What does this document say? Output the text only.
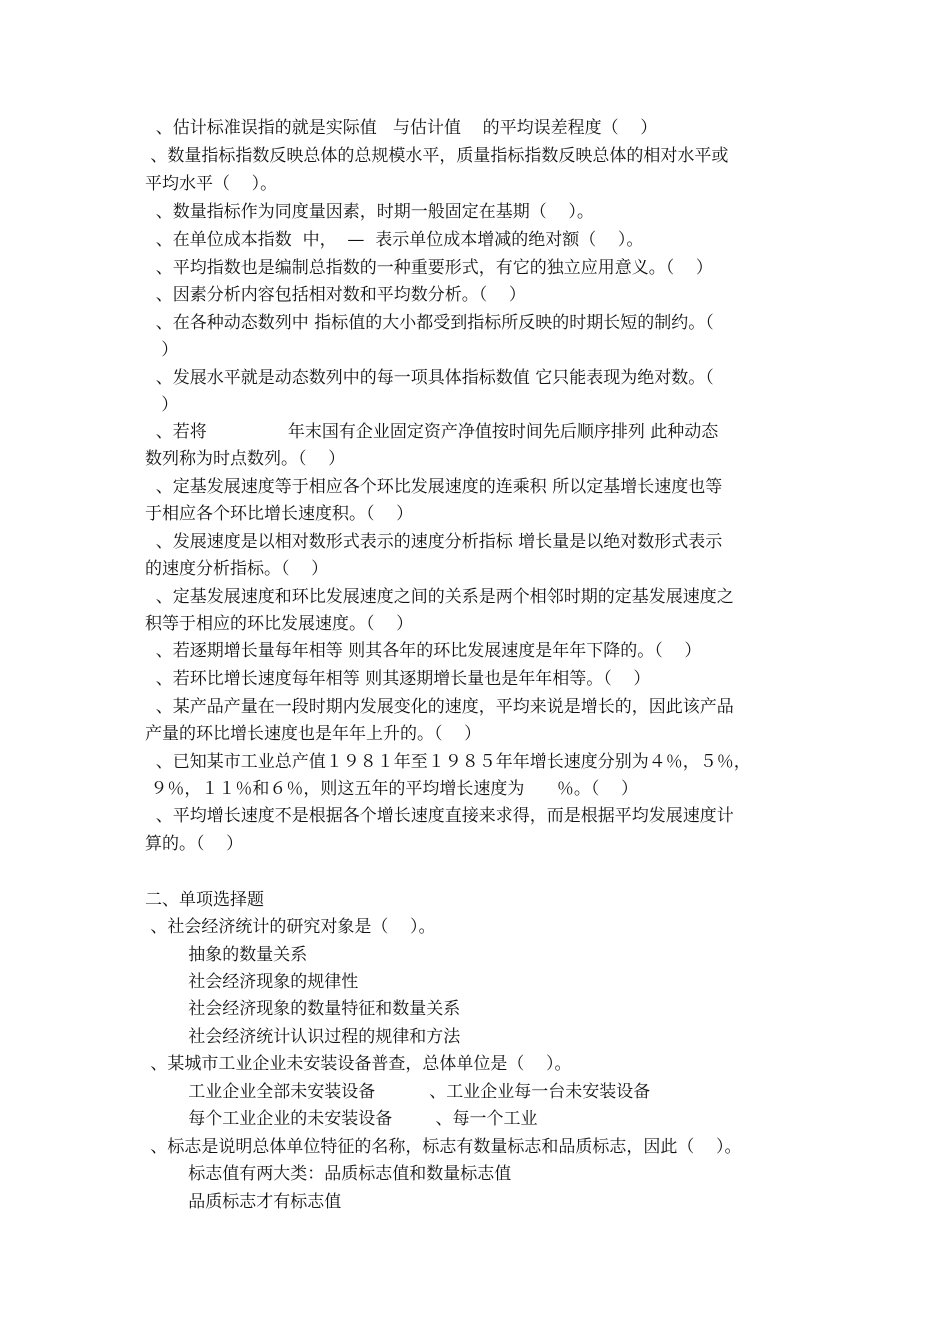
、估计标准误指的就是实际值   与估计值    的平均误差程度（    ）
、数量指标指数反映总体的总规模水平，质量指标指数反映总体的相对水平或
平均水平（    ）。
、数量指标作为同度量因素，时期一般固定在基期（    ）。
、在单位成本指数  中，  —  表示单位成本增减的绝对额（    ）。
、平均指数也是编制总指数的一种重要形式，有它的独立应用意义。（    ）
、因素分析内容包括相对数和平均数分析。（    ）
、在各种动态数列中 指标值的大小都受到指标所反映的时期长短的制约。（
）
、发展水平就是动态数列中的每一项具体指标数值 它只能表现为绝对数。（
）
、若将               年末国有企业固定资产净值按时间先后顺序排列 此种动态
数列称为时点数列。（    ）
、定基发展速度等于相应各个环比发展速度的连乘积 所以定基增长速度也等
于相应各个环比增长速度积。（    ）
、发展速度是以相对数形式表示的速度分析指标 增长量是以绝对数形式表示
的速度分析指标。（    ）
、定基发展速度和环比发展速度之间的关系是两个相邻时期的定基发展速度之
积等于相应的环比发展速度。（    ）
、若逐期增长量每年相等 则其各年的环比发展速度是年年下降的。（    ）
、若环比增长速度每年相等 则其逐期增长量也是年年相等。（    ）
、某产品产量在一段时期内发展变化的速度，平均来说是增长的，因此该产品
产量的环比增长速度也是年年上升的。（    ）
、已知某市工业总产值１９８１年至１９８５年年增长速度分别为４％，５％，
９％，１１％和６％，则这五年的平均增长速度为      ％。（    ）
、平均增长速度不是根据各个增长速度直接来求得，而是根据平均发展速度计
算的。（    ）
二、单项选择题
、社会经济统计的研究对象是（    ）。
抽象的数量关系
社会经济现象的规律性
社会经济现象的数量特征和数量关系
社会经济统计认识过程的规律和方法
、某城市工业企业未安装设备普查，总体单位是（    ）。
工业企业全部未安装设备          、工业企业每一台未安装设备
每个工业企业的未安装设备        、每一个工业
、标志是说明总体单位特征的名称，标志有数量标志和品质标志，因此（    ）。
标志值有两大类：品质标志值和数量标志值
品质标志才有标志值
